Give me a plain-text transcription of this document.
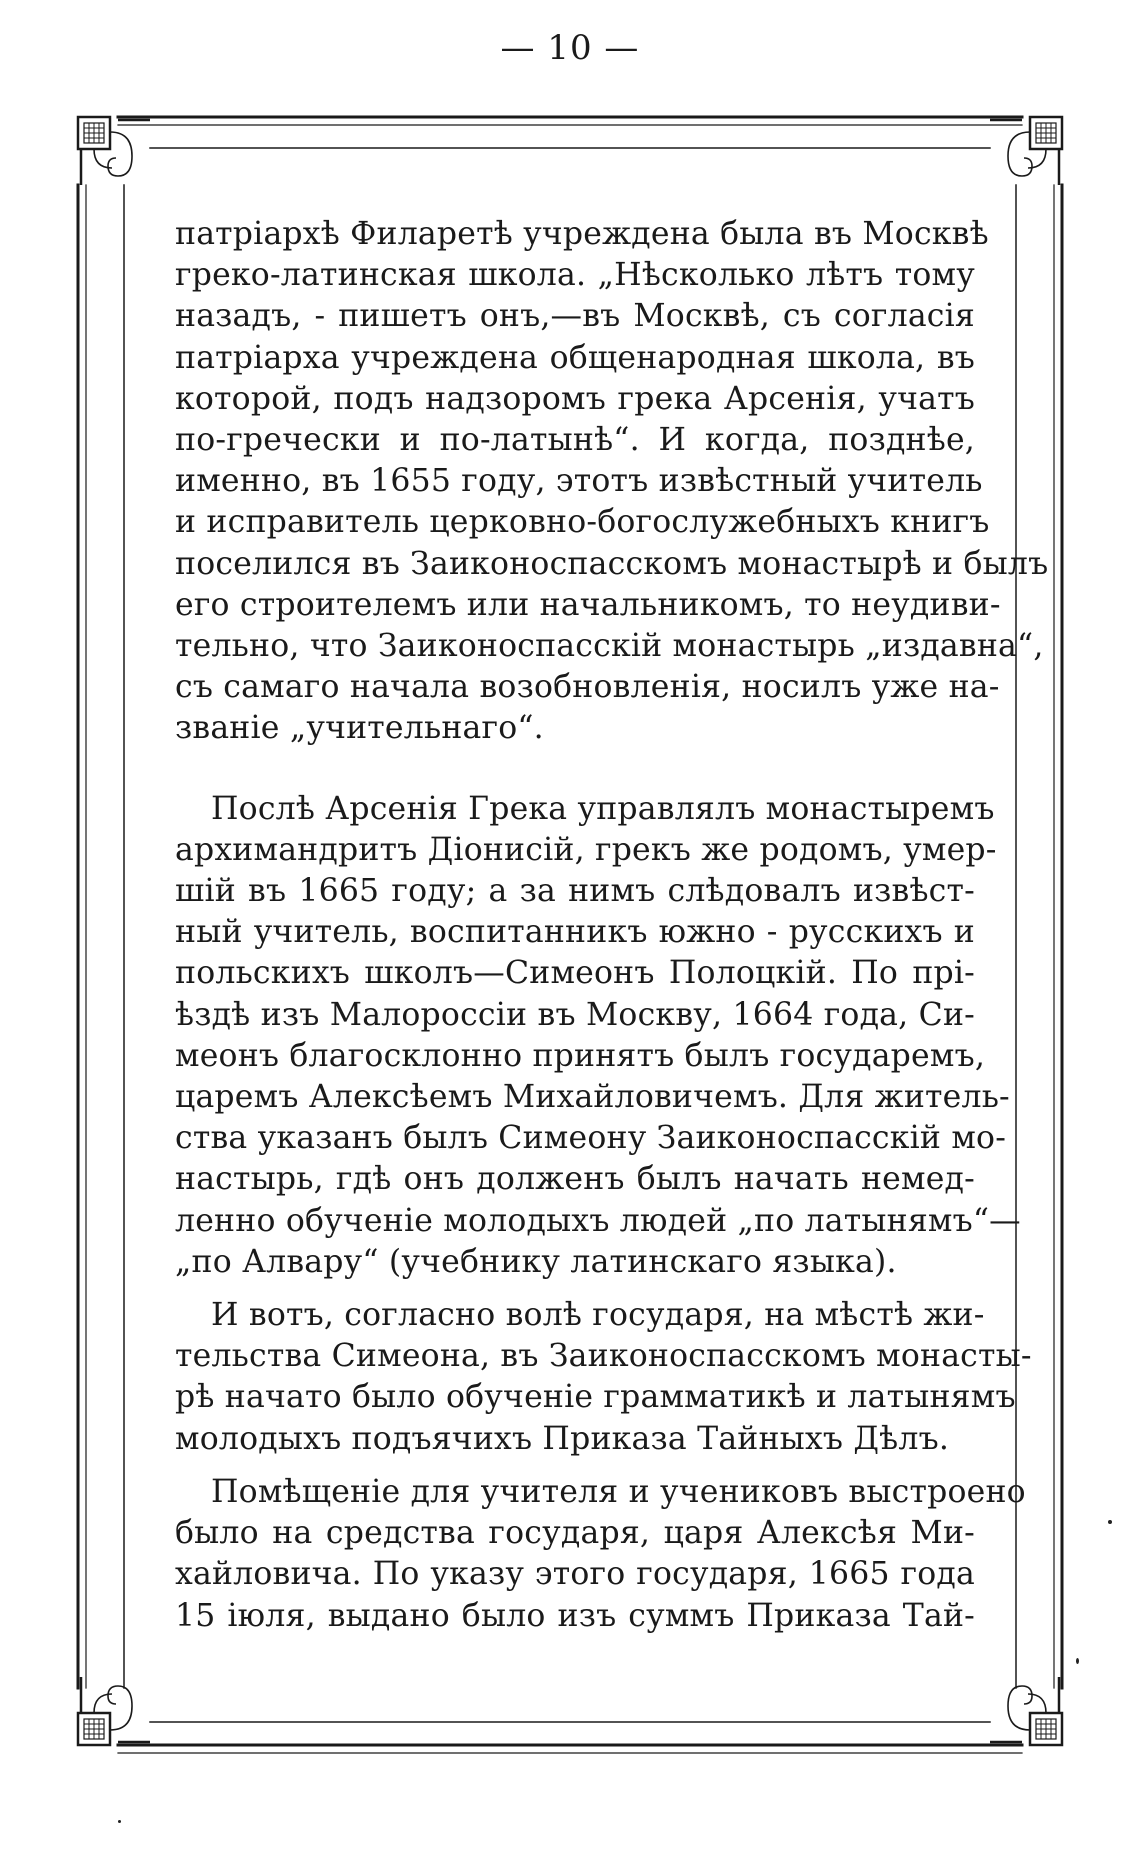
— 10 —
патріархѣ Филаретѣ учреждена была въ Москвѣ
греко-латинская школа. „Нѣсколько лѣтъ тому
назадъ, - пишетъ онъ,—въ Москвѣ, съ согласія
патріарха учреждена общенародная школа, въ
которой, подъ надзоромъ грека Арсенія, учатъ
по-гречески и по-латынѣ“. И когда, позднѣе,
именно, въ 1655 году, этотъ извѣстный учитель
и исправитель церковно-богослужебныхъ книгъ
поселился въ Заиконоспасскомъ монастырѣ и былъ
его строителемъ или начальникомъ, то неудиви-
тельно, что Заиконоспасскій монастырь „издавна“,
съ самаго начала возобновленія, носилъ уже на-
званіе „учительнаго“.
Послѣ Арсенія Грека управлялъ монастыремъ
архимандритъ Діонисій, грекъ же родомъ, умер-
шій въ 1665 году; а за нимъ слѣдовалъ извѣст-
ный учитель, воспитанникъ южно - русскихъ и
польскихъ школъ—Симеонъ Полоцкій. По прі-
ѣздѣ изъ Малороссіи въ Москву, 1664 года, Си-
меонъ благосклонно принятъ былъ государемъ,
царемъ Алексѣемъ Михайловичемъ. Для житель-
ства указанъ былъ Симеону Заиконоспасскій мо-
настырь, гдѣ онъ долженъ былъ начать немед-
ленно обученіе молодыхъ людей „по латынямъ“—
„по Алвару“ (учебнику латинскаго языка).
И вотъ, согласно волѣ государя, на мѣстѣ жи-
тельства Симеона, въ Заиконоспасскомъ монасты-
рѣ начато было обученіе грамматикѣ и латынямъ
молодыхъ подъячихъ Приказа Тайныхъ Дѣлъ.
Помѣщеніе для учителя и учениковъ выстроено
было на средства государя, царя Алексѣя Ми-
хайловича. По указу этого государя, 1665 года
15 іюля, выдано было изъ суммъ Приказа Тай-
